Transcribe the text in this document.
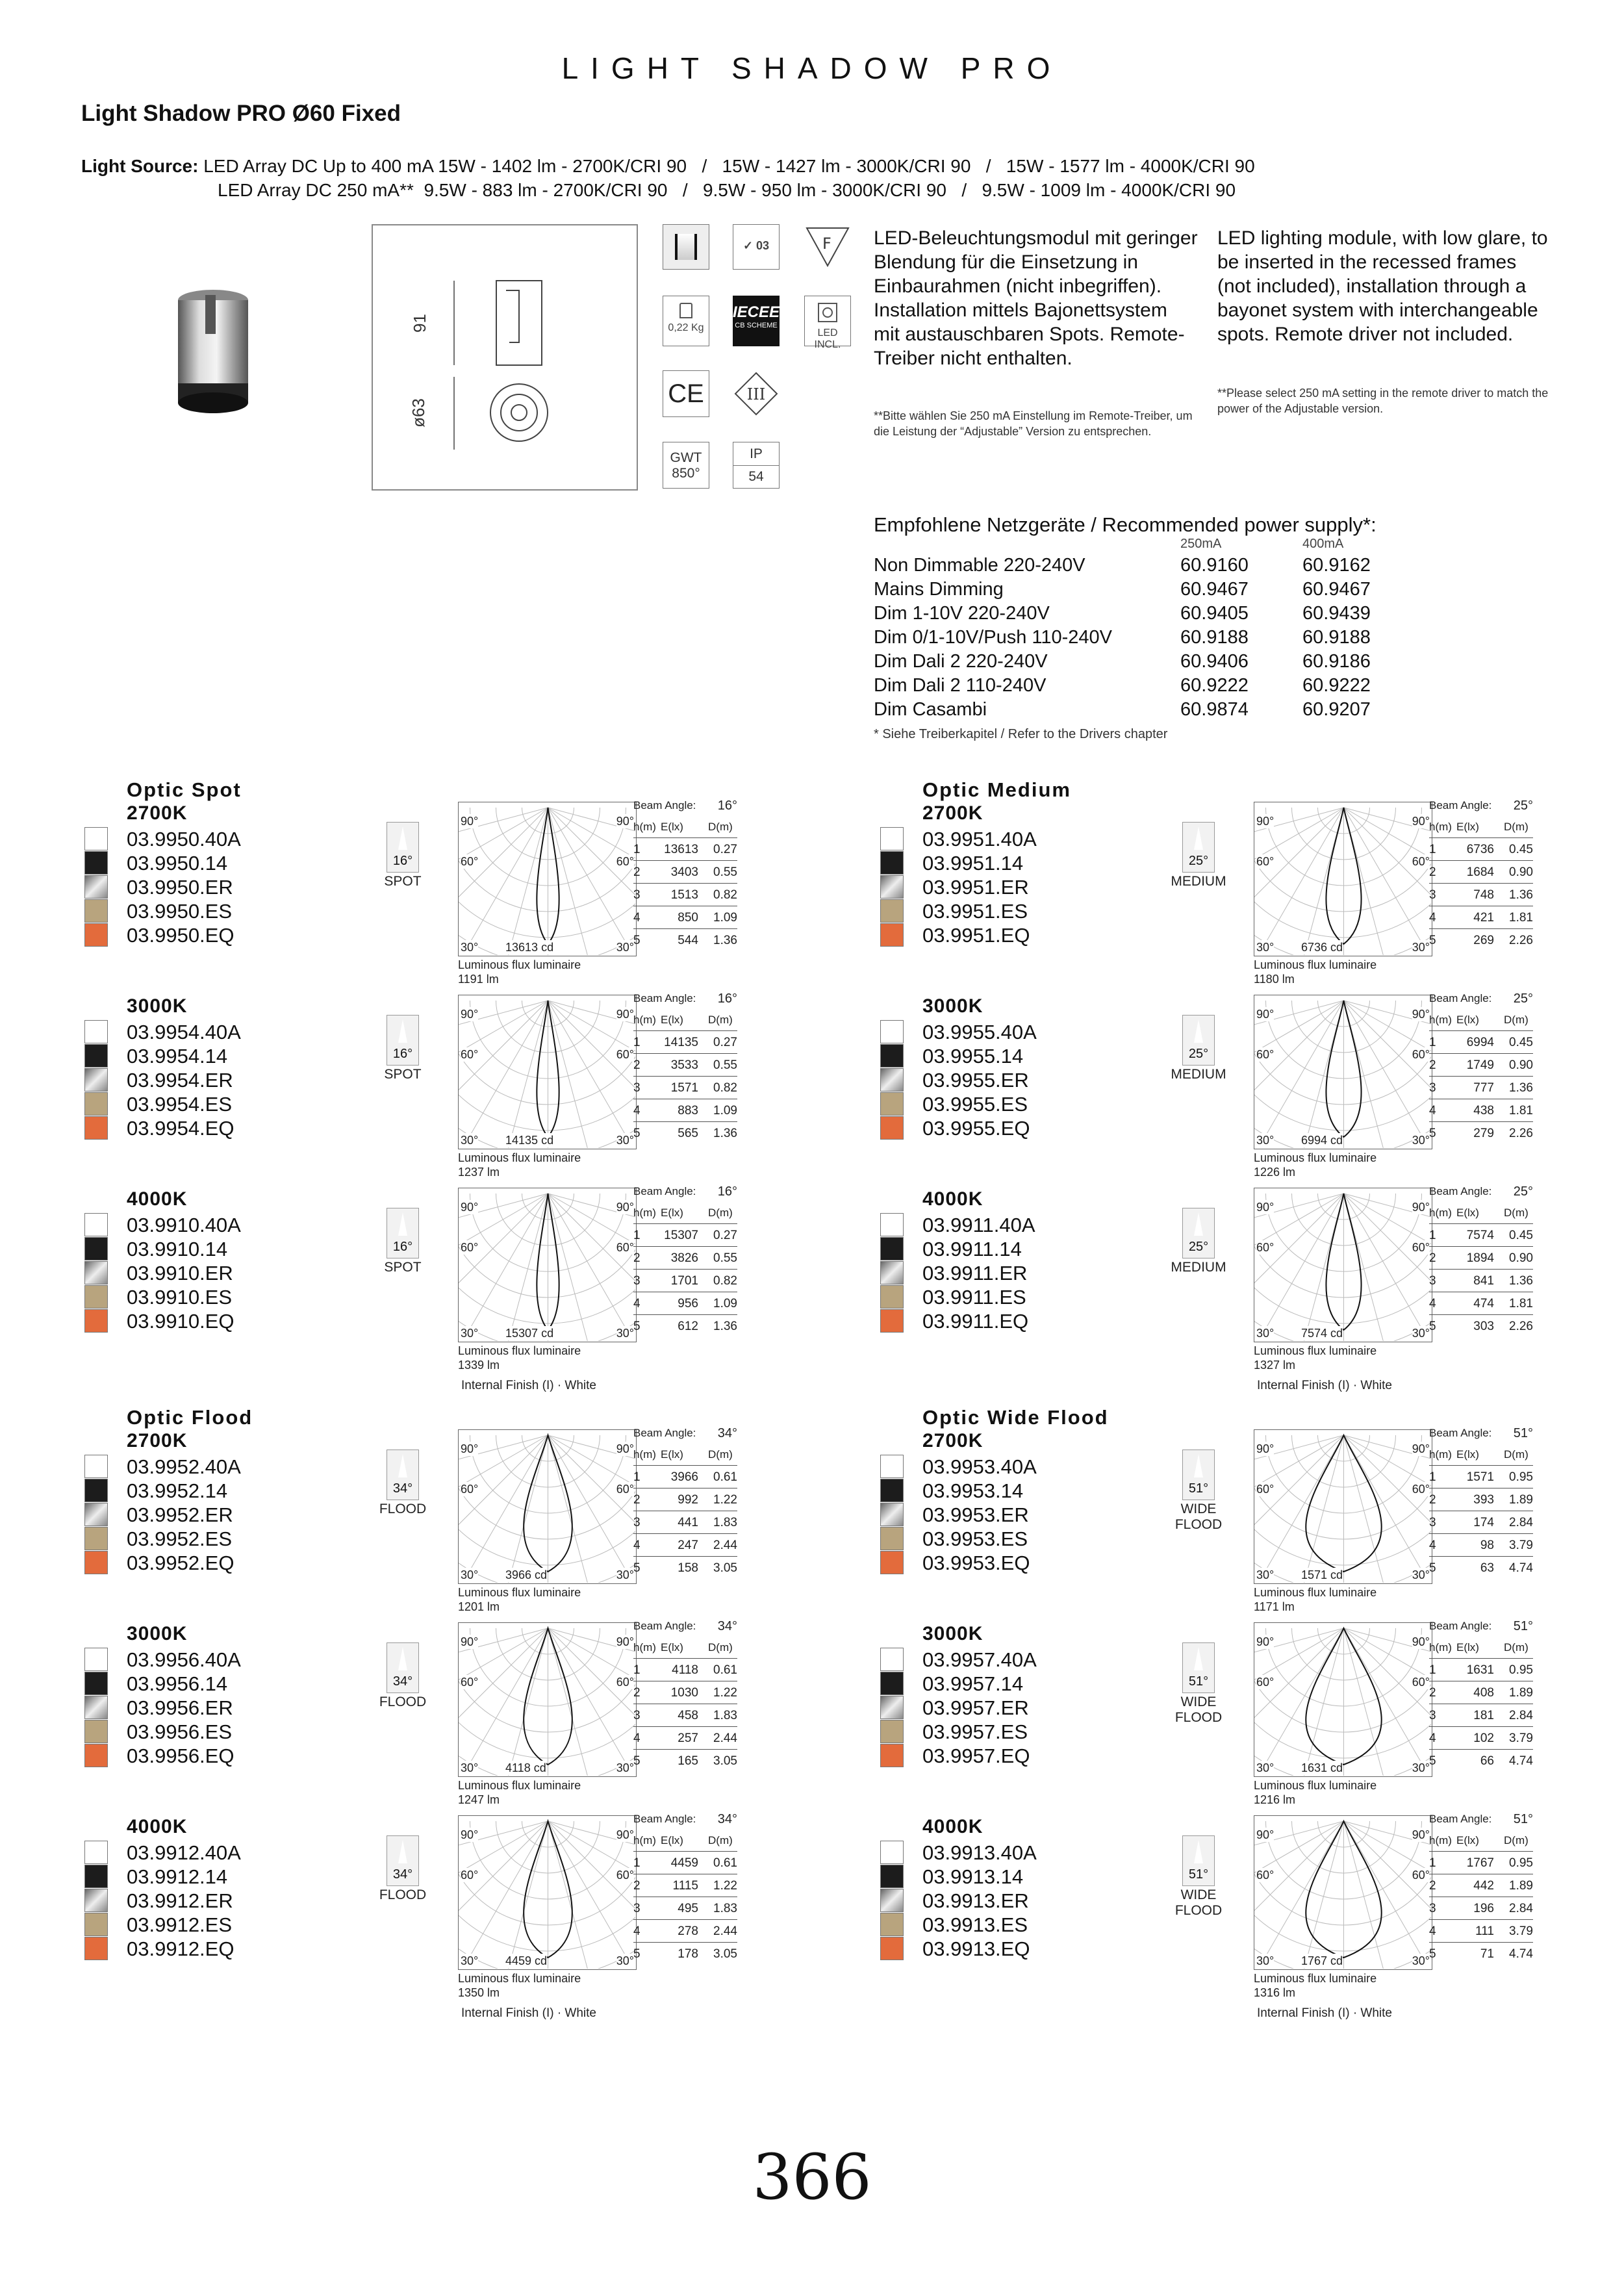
LIGHT SHADOW PRO
Light Shadow PRO Ø60 Fixed
Light Source: LED Array DC Up to 400 mA 15W - 1402 lm - 2700K/CRI 90   /   15W - 1427 lm - 3000K/CRI 90   /   15W - 1577 lm - 4000K/CRI 90
LED Array DC 250 mA**  9.5W - 883 lm - 2700K/CRI 90   /   9.5W - 950 lm - 3000K/CRI 90   /   9.5W - 1009 lm - 4000K/CRI 90
91
ø63
✓ 03	F
0,22 Kg
IECEE
CB SCHEME
LED INCL.
CE	III
GWT 850°
IP
54
LED-Beleuchtungsmodul mit geringer Blendung für die Einsetzung in Einbaurahmen (nicht inbegriffen). Installation mittels Bajonettsystem mit austauschbaren Spots. Remote-Treiber nicht enthalten.
**Bitte wählen Sie 250 mA Einstellung im Remote-Treiber, um die Leistung der “Adjustable” Version zu entsprechen.
LED lighting module, with low glare, to be inserted in the recessed frames (not included), installation through a bayonet system with interchangeable spots. Remote driver not included.
**Please select 250 mA setting in the remote driver to match the power of the Adjustable version.
Empfohlene Netzgeräte / Recommended power supply*:
250mA	400mA
Non Dimmable 220-240V	60.9160	60.9162
Mains Dimming	60.9467	60.9467
Dim 1-10V 220-240V	60.9405	60.9439
Dim 0/1-10V/Push 110-240V	60.9188	60.9188
Dim Dali 2 220-240V	60.9406	60.9186
Dim Dali 2 110-240V	60.9222	60.9222
Dim Casambi	60.9874	60.9207
* Siehe Treiberkapitel / Refer to the Drivers chapter
Optic Spot
2700K
03.9950.40A
03.9950.14
03.9950.ER
03.9950.ES
03.9950.EQ
16°
SPOT
90°	90°
60°	60°
30°	30°
13613 cd
Luminous flux luminaire
1191 lm
Beam Angle: 16°
h(m) E(lx) D(m)
1 13613 0.27
2 3403 0.55
3 1513 0.82
4	850 1.09
5	544 1.36
3000K
03.9954.40A
03.9954.14
03.9954.ER
03.9954.ES
03.9954.EQ
16°
SPOT
90°	90°
60°	60°
30°	30°
14135 cd
Luminous flux luminaire
1237 lm
Beam Angle: 16°
h(m) E(lx) D(m)
1 14135 0.27
2 3533 0.55
3 1571 0.82
4	883 1.09
5	565 1.36
4000K
03.9910.40A
03.9910.14
03.9910.ER
03.9910.ES
03.9910.EQ
16°
SPOT
90°	90°
60°	60°
30°	30°
15307 cd
Luminous flux luminaire
1339 lm
Beam Angle: 16°
h(m) E(lx) D(m)
1 15307 0.27
2 3826 0.55
3 1701 0.82
4	956 1.09
5	612 1.36
Internal Finish (I) · White
Optic Medium
2700K
03.9951.40A
03.9951.14
03.9951.ER
03.9951.ES
03.9951.EQ
25°
MEDIUM
90°	90°
60°	60°
30°	30°
6736 cd
Luminous flux luminaire
1180 lm
Beam Angle: 25°
h(m) E(lx) D(m)
1 6736 0.45
2 1684 0.90
3	748 1.36
4	421 1.81
5	269 2.26
3000K
03.9955.40A
03.9955.14
03.9955.ER
03.9955.ES
03.9955.EQ
25°
MEDIUM
90°	90°
60°	60°
30°	30°
6994 cd
Luminous flux luminaire
1226 lm
Beam Angle: 25°
h(m) E(lx) D(m)
1 6994 0.45
2 1749 0.90
3	777 1.36
4	438 1.81
5	279 2.26
4000K
03.9911.40A
03.9911.14
03.9911.ER
03.9911.ES
03.9911.EQ
25°
MEDIUM
90°	90°
60°	60°
30°	30°
7574 cd
Luminous flux luminaire
1327 lm
Beam Angle: 25°
h(m) E(lx) D(m)
1 7574 0.45
2 1894 0.90
3	841 1.36
4	474 1.81
5	303 2.26
Internal Finish (I) · White
Optic Flood
2700K
03.9952.40A
03.9952.14
03.9952.ER
03.9952.ES
03.9952.EQ
34°
FLOOD
90°	90°
60°	60°
30°	30°
3966 cd
Luminous flux luminaire
1201 lm
Beam Angle: 34°
h(m) E(lx) D(m)
1 3966 0.61
2	992 1.22
3	441 1.83
4	247 2.44
5	158 3.05
3000K
03.9956.40A
03.9956.14
03.9956.ER
03.9956.ES
03.9956.EQ
34°
FLOOD
90°	90°
60°	60°
30°	30°
4118 cd
Luminous flux luminaire
1247 lm
Beam Angle: 34°
h(m) E(lx) D(m)
1	4118 0.61
2 1030 1.22
3	458 1.83
4	257 2.44
5	165 3.05
4000K
03.9912.40A
03.9912.14
03.9912.ER
03.9912.ES
03.9912.EQ
34°
FLOOD
90°	90°
60°	60°
30°	30°
4459 cd
Luminous flux luminaire
1350 lm
Beam Angle: 34°
h(m) E(lx) D(m)
1 4459 0.61
2	1115 1.22
3	495 1.83
4	278 2.44
5	178 3.05
Internal Finish (I) · White
Optic Wide Flood
2700K
03.9953.40A
03.9953.14
03.9953.ER
03.9953.ES
03.9953.EQ
51°
WIDE FLOOD
90°	90°
60°	60°
30°	30°
1571 cd
Luminous flux luminaire
1171 lm
Beam Angle: 51°
h(m) E(lx) D(m)
1 1571 0.95
2	393 1.89
3	174 2.84
4	98 3.79
5	63 4.74
3000K
03.9957.40A
03.9957.14
03.9957.ER
03.9957.ES
03.9957.EQ
51°
WIDE FLOOD
90°	90°
60°	60°
30°	30°
1631 cd
Luminous flux luminaire
1216 lm
Beam Angle: 51°
h(m) E(lx) D(m)
1 1631 0.95
2	408 1.89
3	181 2.84
4	102 3.79
5	66 4.74
4000K
03.9913.40A
03.9913.14
03.9913.ER
03.9913.ES
03.9913.EQ
51°
WIDE FLOOD
90°	90°
60°	60°
30°	30°
1767 cd
Luminous flux luminaire
1316 lm
Beam Angle: 51°
h(m) E(lx) D(m)
1 1767 0.95
2	442 1.89
3	196 2.84
4	111 3.79
5	71 4.74
Internal Finish (I) · White
366
